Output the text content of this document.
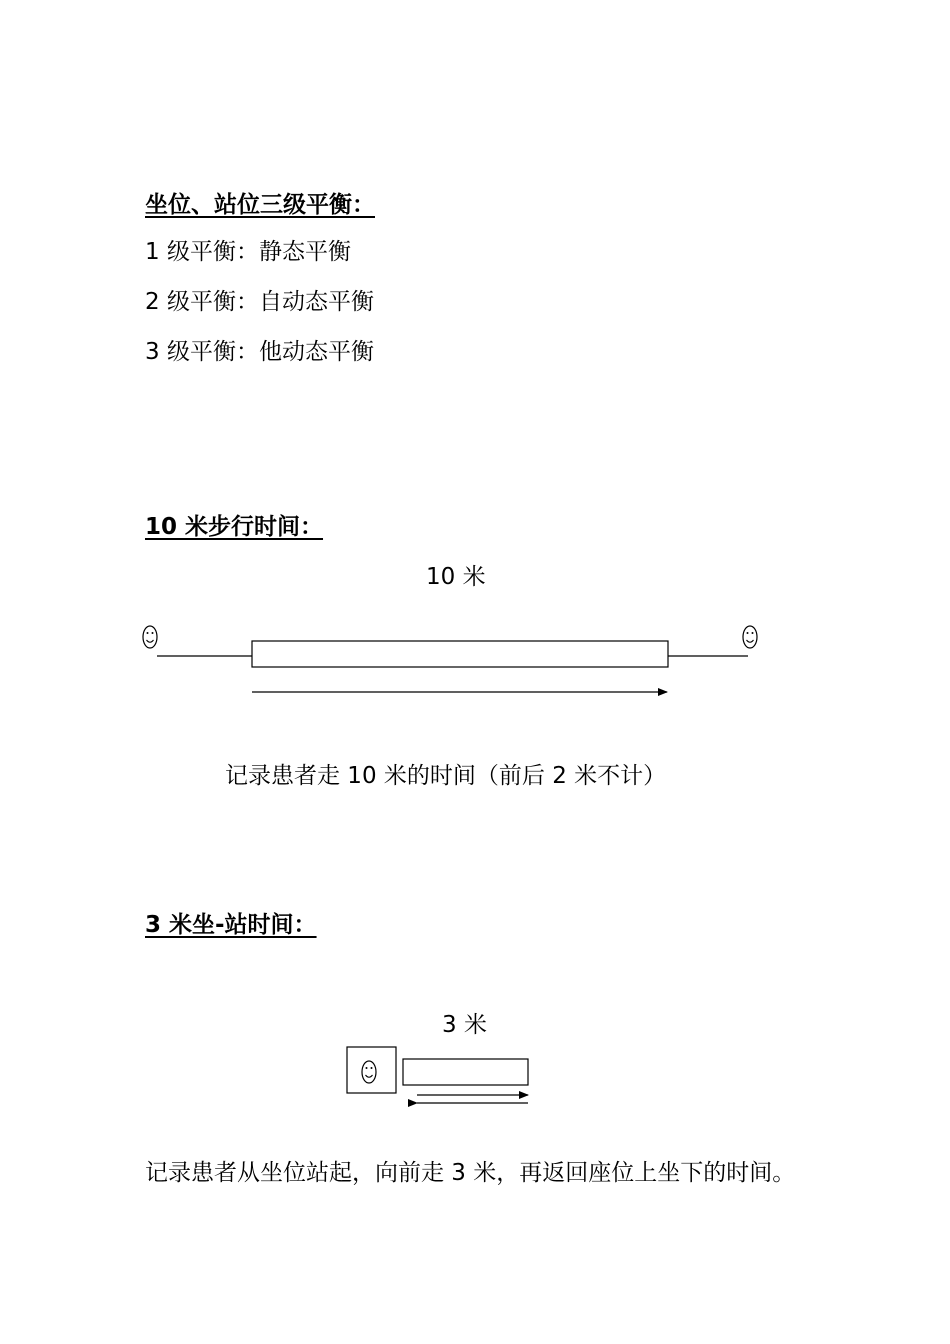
坐位、站位三级平衡：
1 级平衡：静态平衡
2 级平衡：自动态平衡
3 级平衡：他动态平衡
10 米步行时间：
10 米
记录患者走 10 米的时间（前后 2 米不计）
3 米坐-站时间：
3 米
记录患者从坐位站起，向前走 3 米，再返回座位上坐下的时间。
